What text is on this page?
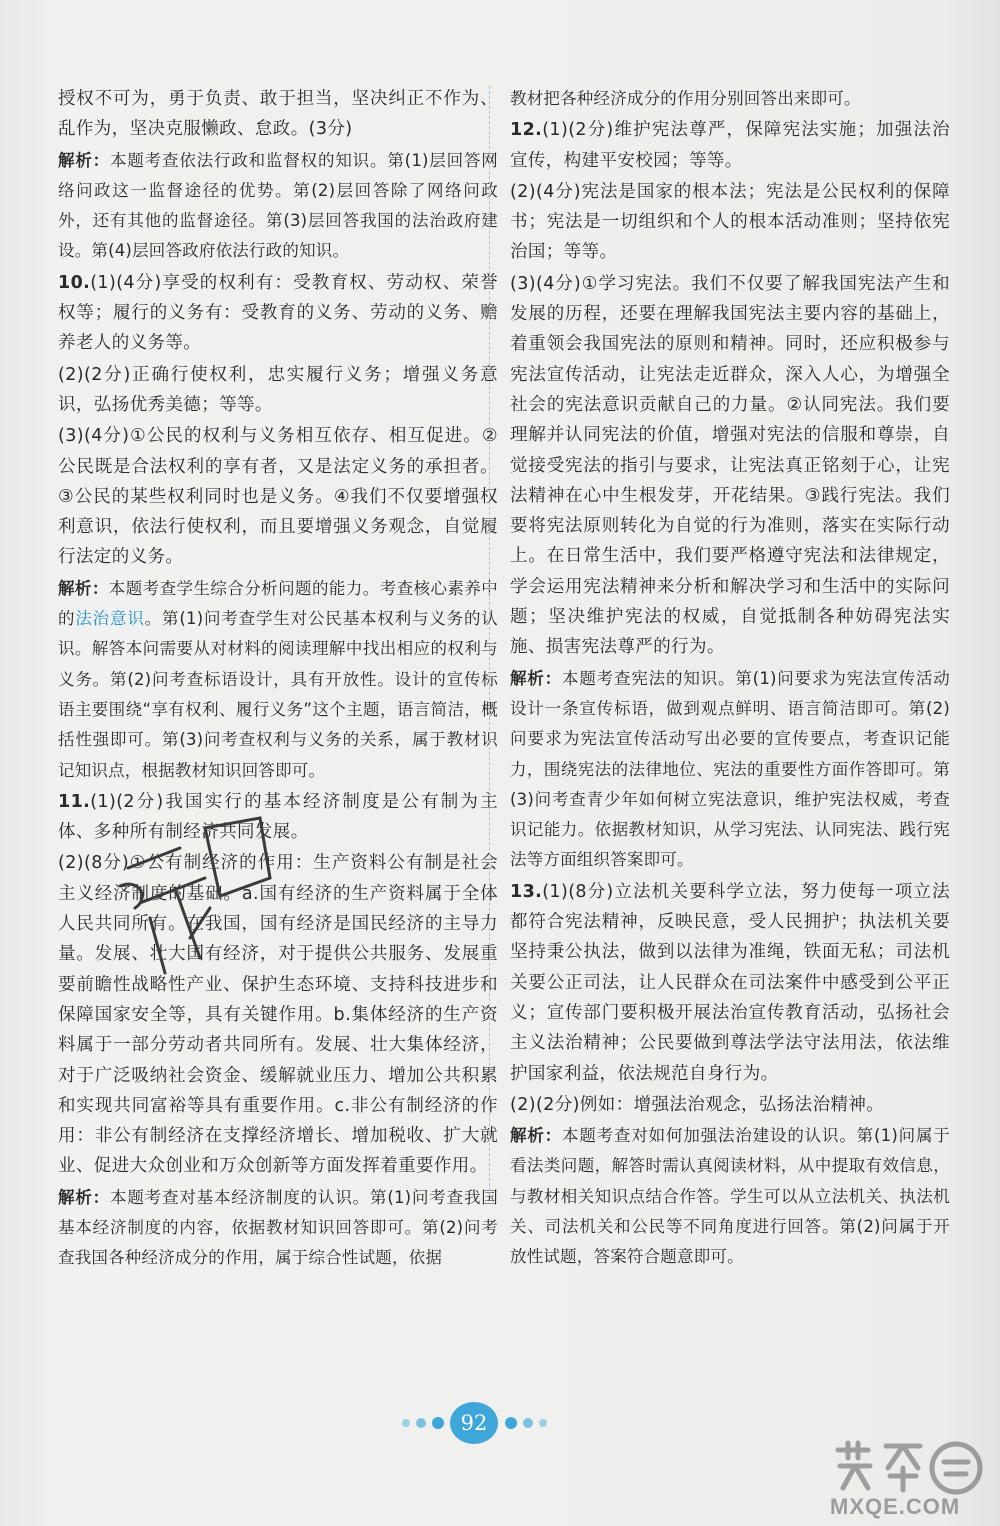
授权不可为，勇于负责、敢于担当，坚决纠正不作为、乱作为，坚决克服懒政、怠政。(3分)
解析：本题考查依法行政和监督权的知识。第(1)层回答网络问政这一监督途径的优势。第(2)层回答除了网络问政外，还有其他的监督途径。第(3)层回答我国的法治政府建设。第(4)层回答政府依法行政的知识。
10.(1)(4分)享受的权利有：受教育权、劳动权、荣誉权等；履行的义务有：受教育的义务、劳动的义务、赡养老人的义务等。
(2)(2分)正确行使权利，忠实履行义务；增强义务意识，弘扬优秀美德；等等。
(3)(4分)①公民的权利与义务相互依存、相互促进。②公民既是合法权利的享有者，又是法定义务的承担者。③公民的某些权利同时也是义务。④我们不仅要增强权利意识，依法行使权利，而且要增强义务观念，自觉履行法定的义务。
解析：本题考查学生综合分析问题的能力。考查核心素养中的法治意识。第(1)问考查学生对公民基本权利与义务的认识。解答本问需要从对材料的阅读理解中找出相应的权利与义务。第(2)问考查标语设计，具有开放性。设计的宣传标语主要围绕“享有权利、履行义务”这个主题，语言简洁，概括性强即可。第(3)问考查权利与义务的关系，属于教材识记知识点，根据教材知识回答即可。
11.(1)(2分)我国实行的基本经济制度是公有制为主体、多种所有制经济共同发展。
(2)(8分)①公有制经济的作用：生产资料公有制是社会主义经济制度的基础。a.国有经济的生产资料属于全体人民共同所有。在我国，国有经济是国民经济的主导力量。发展、壮大国有经济，对于提供公共服务、发展重要前瞻性战略性产业、保护生态环境、支持科技进步和保障国家安全等，具有关键作用。b.集体经济的生产资料属于一部分劳动者共同所有。发展、壮大集体经济，对于广泛吸纳社会资金、缓解就业压力、增加公共积累和实现共同富裕等具有重要作用。c.非公有制经济的作用：非公有制经济在支撑经济增长、增加税收、扩大就业、促进大众创业和万众创新等方面发挥着重要作用。
解析：本题考查对基本经济制度的认识。第(1)问考查我国基本经济制度的内容，依据教材知识回答即可。第(2)问考查我国各种经济成分的作用，属于综合性试题，依据
教材把各种经济成分的作用分别回答出来即可。
12.(1)(2分)维护宪法尊严，保障宪法实施；加强法治宣传，构建平安校园；等等。
(2)(4分)宪法是国家的根本法；宪法是公民权利的保障书；宪法是一切组织和个人的根本活动准则；坚持依宪治国；等等。
(3)(4分)①学习宪法。我们不仅要了解我国宪法产生和发展的历程，还要在理解我国宪法主要内容的基础上，着重领会我国宪法的原则和精神。同时，还应积极参与宪法宣传活动，让宪法走近群众，深入人心，为增强全社会的宪法意识贡献自己的力量。②认同宪法。我们要理解并认同宪法的价值，增强对宪法的信服和尊崇，自觉接受宪法的指引与要求，让宪法真正铭刻于心，让宪法精神在心中生根发芽，开花结果。③践行宪法。我们要将宪法原则转化为自觉的行为准则，落实在实际行动上。在日常生活中，我们要严格遵守宪法和法律规定，学会运用宪法精神来分析和解决学习和生活中的实际问题；坚决维护宪法的权威，自觉抵制各种妨碍宪法实施、损害宪法尊严的行为。
解析：本题考查宪法的知识。第(1)问要求为宪法宣传活动设计一条宣传标语，做到观点鲜明、语言简洁即可。第(2)问要求为宪法宣传活动写出必要的宣传要点，考查识记能力，围绕宪法的法律地位、宪法的重要性方面作答即可。第(3)问考查青少年如何树立宪法意识，维护宪法权威，考查识记能力。依据教材知识，从学习宪法、认同宪法、践行宪法等方面组织答案即可。
13.(1)(8分)立法机关要科学立法，努力使每一项立法都符合宪法精神，反映民意，受人民拥护；执法机关要坚持秉公执法，做到以法律为准绳，铁面无私；司法机关要公正司法，让人民群众在司法案件中感受到公平正义；宣传部门要积极开展法治宣传教育活动，弘扬社会主义法治精神；公民要做到尊法学法守法用法，依法维护国家利益，依法规范自身行为。
(2)(2分)例如：增强法治观念，弘扬法治精神。
解析：本题考查对如何加强法治建设的认识。第(1)问属于看法类问题，解答时需认真阅读材料，从中提取有效信息，与教材相关知识点结合作答。学生可以从立法机关、执法机关、司法机关和公民等不同角度进行回答。第(2)问属于开放性试题，答案符合题意即可。
92
MXQE.COM
